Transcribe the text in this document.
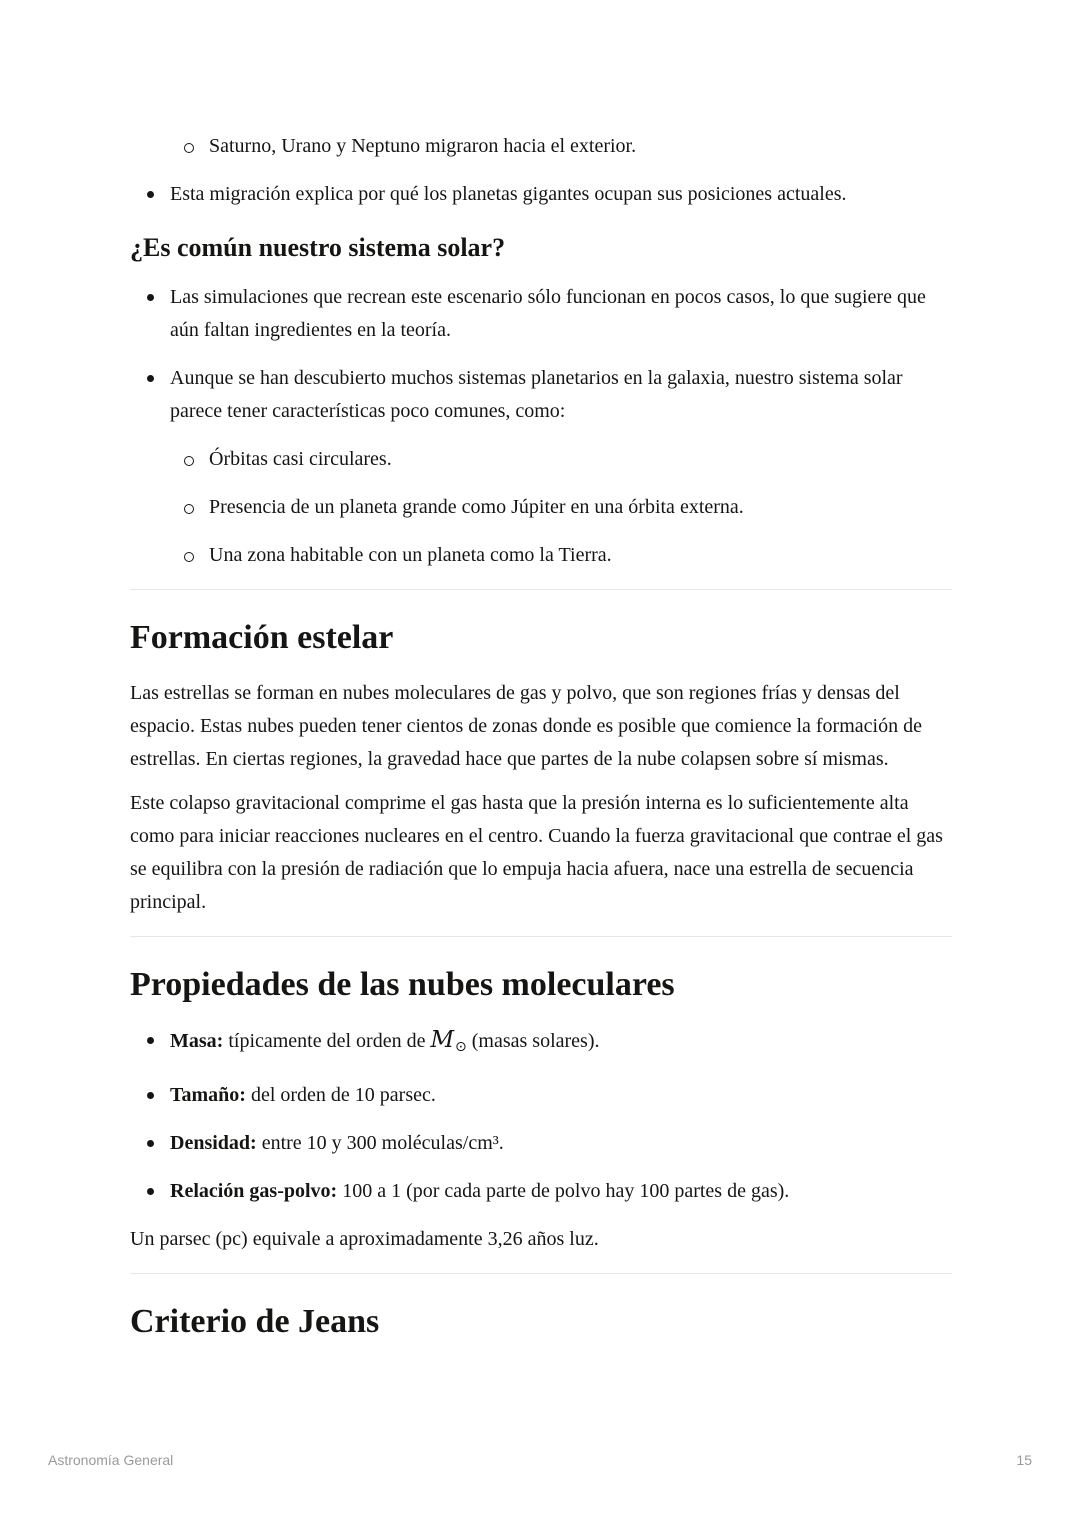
Saturno, Urano y Neptuno migraron hacia el exterior.
Esta migración explica por qué los planetas gigantes ocupan sus posiciones actuales.
¿Es común nuestro sistema solar?
Las simulaciones que recrean este escenario sólo funcionan en pocos casos, lo que sugiere que aún faltan ingredientes en la teoría.
Aunque se han descubierto muchos sistemas planetarios en la galaxia, nuestro sistema solar parece tener características poco comunes, como:
Órbitas casi circulares.
Presencia de un planeta grande como Júpiter en una órbita externa.
Una zona habitable con un planeta como la Tierra.
Formación estelar

Las estrellas se forman en nubes moleculares de gas y polvo, que son regiones frías y densas del espacio. Estas nubes pueden tener cientos de zonas donde es posible que comience la formación de estrellas. En ciertas regiones, la gravedad hace que partes de la nube colapsen sobre sí mismas.

Este colapso gravitacional comprime el gas hasta que la presión interna es lo suficientemente alta como para iniciar reacciones nucleares en el centro. Cuando la fuerza gravitacional que contrae el gas se equilibra con la presión de radiación que lo empuja hacia afuera, nace una estrella de secuencia principal.

Propiedades de las nubes moleculares
Masa: típicamente del orden de $M_⊙$ (masas solares).
Tamaño: del orden de 10 parsec.
Densidad: entre 10 y 300 moléculas/cm³.
Relación gas-polvo: 100 a 1 (por cada parte de polvo hay 100 partes de gas).

Un parsec (pc) equivale a aproximadamente 3,26 años luz.

Criterio de Jeans
Astronomía General	15
